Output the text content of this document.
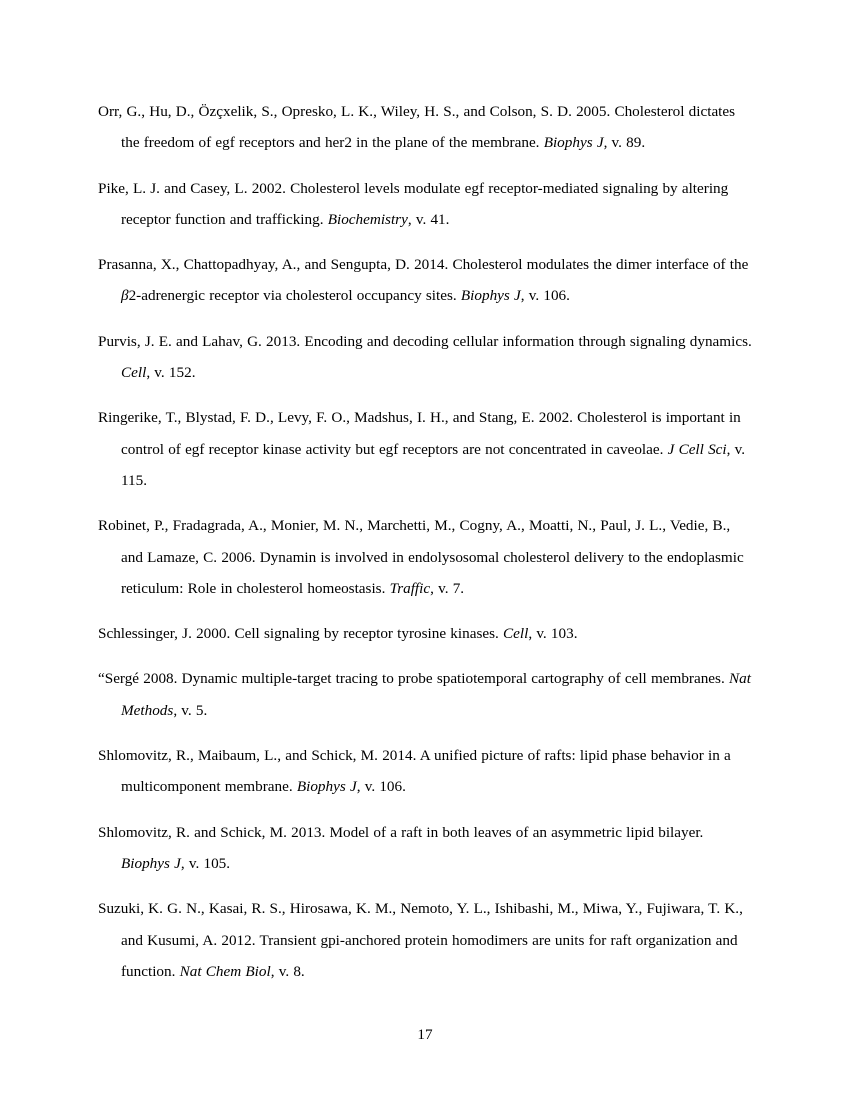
Orr, G., Hu, D., Özçxelik, S., Opresko, L. K., Wiley, H. S., and Colson, S. D. 2005. Cholesterol dictates the freedom of egf receptors and her2 in the plane of the membrane. Biophys J, v. 89.

Pike, L. J. and Casey, L. 2002. Cholesterol levels modulate egf receptor-mediated signaling by altering receptor function and trafficking. Biochemistry, v. 41.

Prasanna, X., Chattopadhyay, A., and Sengupta, D. 2014. Cholesterol modulates the dimer interface of the β2-adrenergic receptor via cholesterol occupancy sites. Biophys J, v. 106.

Purvis, J. E. and Lahav, G. 2013. Encoding and decoding cellular information through signaling dynamics. Cell, v. 152.

Ringerike, T., Blystad, F. D., Levy, F. O., Madshus, I. H., and Stang, E. 2002. Cholesterol is important in control of egf receptor kinase activity but egf receptors are not concentrated in caveolae. J Cell Sci, v. 115.

Robinet, P., Fradagrada, A., Monier, M. N., Marchetti, M., Cogny, A., Moatti, N., Paul, J. L., Vedie, B., and Lamaze, C. 2006. Dynamin is involved in endolysosomal cholesterol delivery to the endoplasmic reticulum: Role in cholesterol homeostasis. Traffic, v. 7.

Schlessinger, J. 2000. Cell signaling by receptor tyrosine kinases. Cell, v. 103.

“Sergé 2008. Dynamic multiple-target tracing to probe spatiotemporal cartography of cell membranes. Nat Methods, v. 5.

Shlomovitz, R., Maibaum, L., and Schick, M. 2014. A unified picture of rafts: lipid phase behavior in a multicomponent membrane. Biophys J, v. 106.

Shlomovitz, R. and Schick, M. 2013. Model of a raft in both leaves of an asymmetric lipid bilayer. Biophys J, v. 105.

Suzuki, K. G. N., Kasai, R. S., Hirosawa, K. M., Nemoto, Y. L., Ishibashi, M., Miwa, Y., Fujiwara, T. K., and Kusumi, A. 2012. Transient gpi-anchored protein homodimers are units for raft organization and function. Nat Chem Biol, v. 8.

17
